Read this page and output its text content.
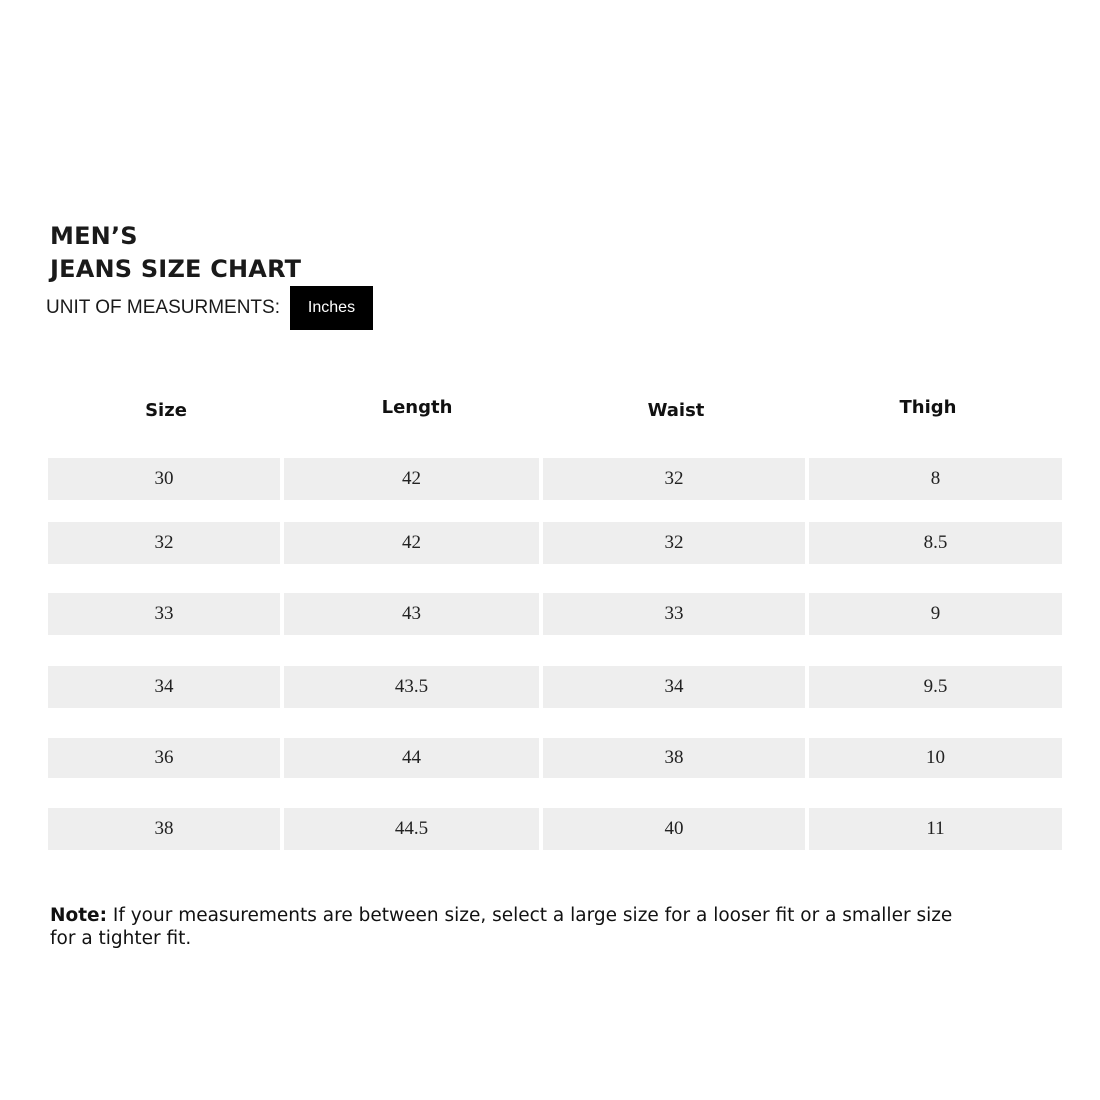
MEN’S
JEANS SIZE CHART
UNIT OF MEASURMENTS:	Inches
Size	Length	Waist	Thigh
30	42	32	8
32	42	32	8.5
33	43	33	9
34	43.5	34	9.5
36	44	38	10
38	44.5	40	11
Note: If your measurements are between size, select a large size for a looser fit or a smaller size for a tighter fit.
